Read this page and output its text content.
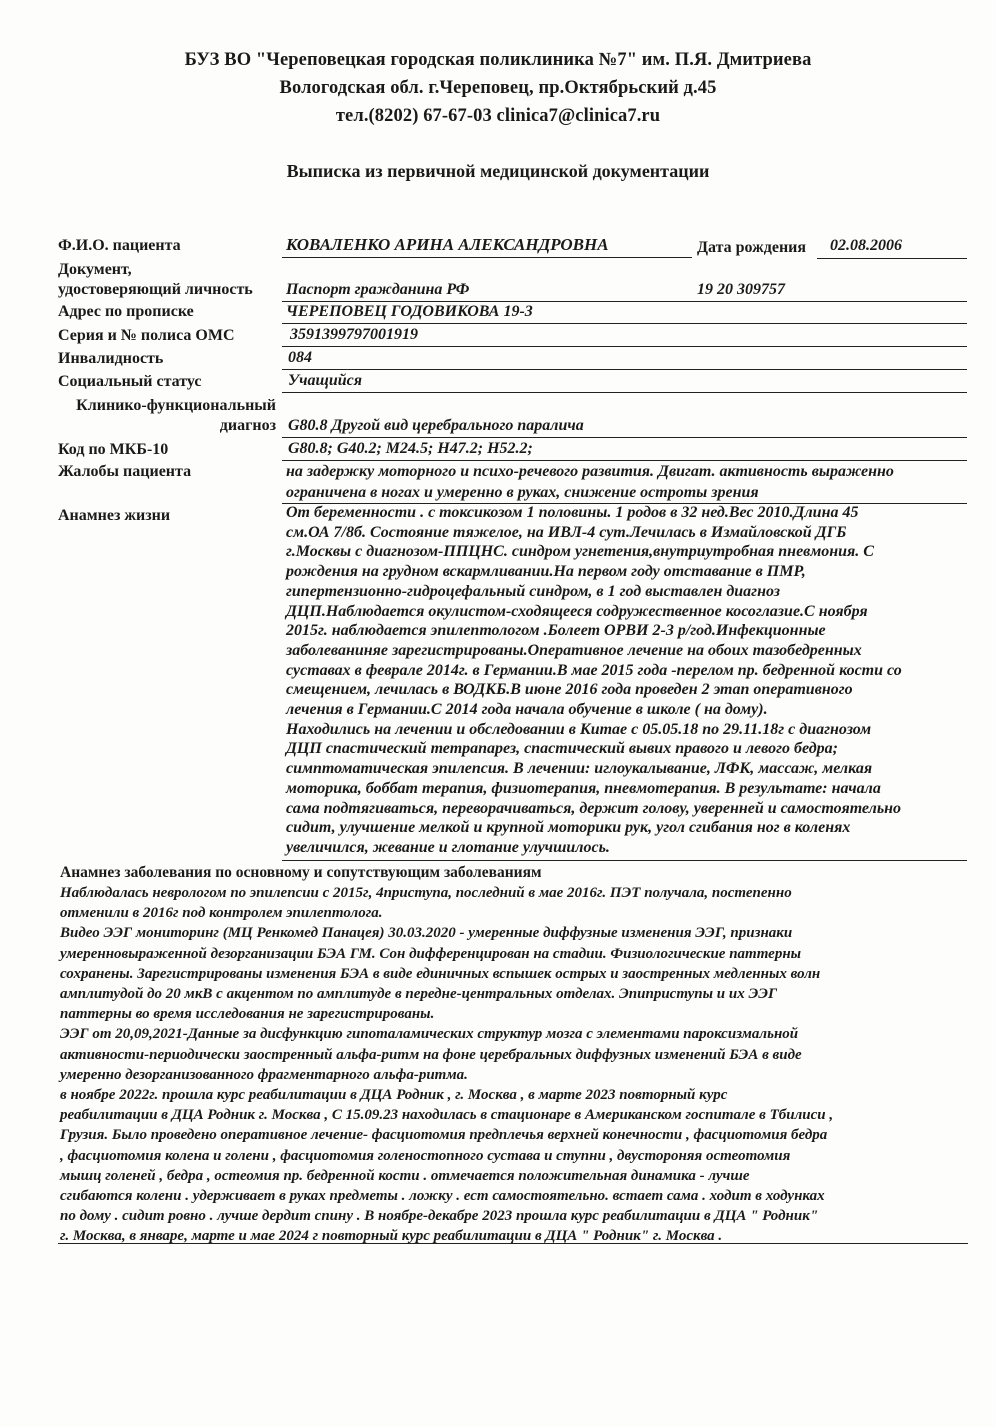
БУЗ ВО "Череповецкая городская поликлиника №7" им. П.Я. Дмитриева
Вологодская обл. г.Череповец, пр.Октябрьский д.45
тел.(8202) 67-67-03 clinica7@clinica7.ru
Выписка из первичной медицинской документации
Ф.И.О. пациента	КОВАЛЕНКО АРИНА АЛЕКСАНДРОВНА	Дата рождения 02.08.2006
Документ,
удостоверяющий личность Паспорт гражданина РФ	19 20 309757
Адрес по прописке	ЧЕРЕПОВЕЦ ГОДОВИКОВА 19-3
Серия и № полиса ОМС	3591399797001919
Инвалидность	084
Социальный статус	Учащийся
Клинико-функциональный
диагноз G80.8 Другой вид церебрального паралича
Код по МКБ-10	G80.8; G40.2; M24.5; H47.2; H52.2;
Жалобы пациента	на задержку моторного и психо-речевого развития. Двигат. активность выраженно
ограничена в ногах и умеренно в руках, снижение остроты зрения
Анамнез жизни	От беременности . с токсикозом 1 половины. 1 родов в 32 нед.Вес 2010.Длина 45
см.ОА 7/8б. Состояние тяжелое, на ИВЛ-4 сут.Лечилась в Измайловской ДГБ
г.Москвы с диагнозом-ППЦНС. синдром угнетения,внутриутробная пневмония. С
рождения на грудном вскармливании.На первом году отставание в ПМР,
гипертензионно-гидроцефальный синдром, в 1 год выставлен диагноз
ДЦП.Наблюдается окулистом-сходящееся содружественное косоглазие.С ноября
2015г. наблюдается эпилептологом .Болеет ОРВИ 2-3 р/год.Инфекционные
заболеваниняе зарегистрированы.Оперативное лечение на обоих тазобедренных
суставах в феврале 2014г. в Германии.В мае 2015 года -перелом пр. бедренной кости со
смещением, лечилась в ВОДКБ.В июне 2016 года проведен 2 этап оперативного
лечения в Германии.С 2014 года начала обучение в школе ( на дому).
Находились на лечении и обследовании в Китае с 05.05.18 по 29.11.18г с диагнозом
ДЦП спастический тетрапарез, спастический вывих правого и левого бедра;
симптоматическая эпилепсия. В лечении: иглоукалывание, ЛФК, массаж, мелкая
моторика, боббат терапия, физиотерапия, пневмотерапия. В результате: начала
сама подтягиваться, переворачиваться, держит голову, уверенней и самостоятельно
сидит, улучшение мелкой и крупной моторики рук, угол сгибания ног в коленях
увеличился, жевание и глотание улучшилось.
Анамнез заболевания по основному и сопутствующим заболеваниям
Наблюдалась неврологом по эпилепсии с 2015г, 4приступа, последний в мае 2016г. ПЭТ получала, постепенно
отменили в 2016г под контролем эпилептолога.
Видео ЭЭГ мониторинг (МЦ Ренкомед Панацея) 30.03.2020 - умеренные диффузные изменения ЭЭГ, признаки
умеренновыраженной дезорганизации БЭА ГМ. Сон дифференцирован на стадии. Физиологические паттерны
сохранены. Зарегистрированы изменения БЭА в виде единичных вспышек острых и заостренных медленных волн
амплитудой до 20 мкВ с акцентом по амплитуде в передне-центральных отделах. Эпиприступы и их ЭЭГ
паттерны во время исследования не зарегистрированы.
ЭЭГ от 20,09,2021-Данные за дисфункцию гипоталамических структур мозга с элементами пароксизмальной
активности-периодически заостренный альфа-ритм на фоне церебральных диффузных изменений БЭА в виде
умеренно дезорганизованного фрагментарного альфа-ритма.
в ноябре 2022г. прошла курс реабилитации в ДЦА Родник , г. Москва , в марте 2023 повторный курс
реабилитации в ДЦА Родник г. Москва , С 15.09.23 находилась в стационаре в Американском госпитале в Тбилиси ,
Грузия. Было проведено оперативное лечение- фасциотомия предплечья верхней конечности , фасциотомия бедра
, фасциотомия колена и голени , фасциотомия голеностопного сустава и ступни , двустороняя остеотомия
мышц голеней , бедра , остеомия пр. бедренной кости . отмечается положительная динамика - лучше
сгибаются колени . удерживает в руках предметы . ложку . ест самостоятельно. встает сама . ходит в ходунках
по дому . сидит ровно . лучше дердит спину . В ноябре-декабре 2023 прошла курс реабилитации в ДЦА " Родник"
г. Москва, в январе, марте и мае 2024 г повторный курс реабилитации в ДЦА " Родник" г. Москва .
